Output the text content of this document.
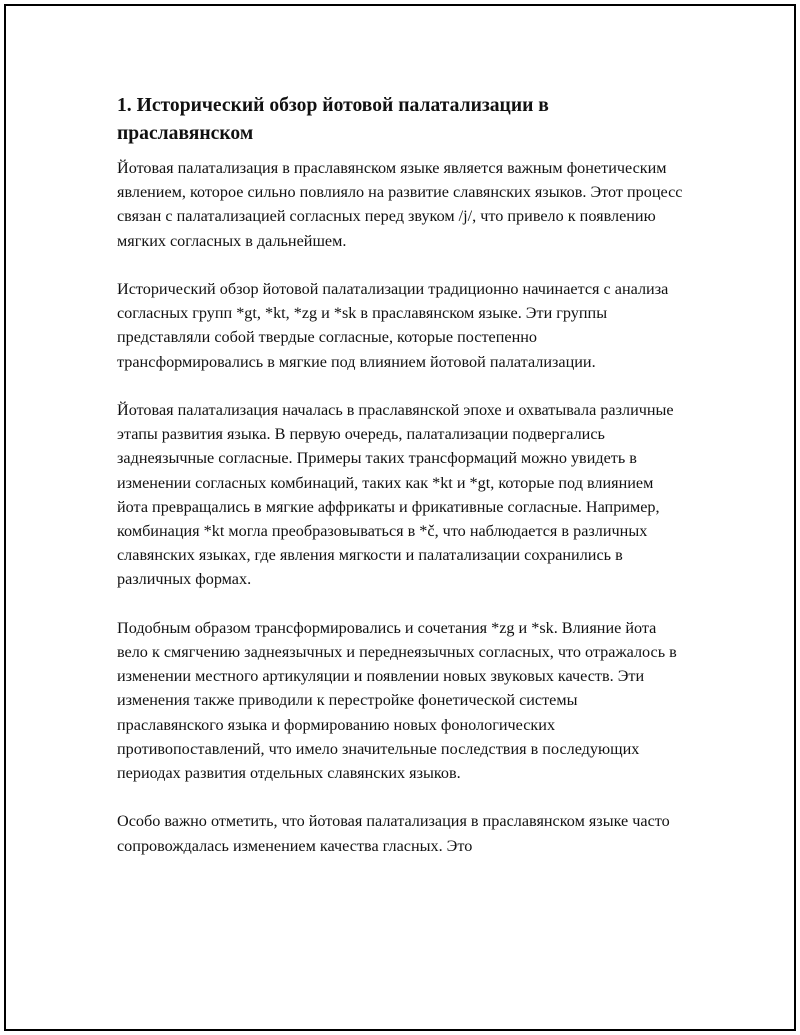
1. Исторический обзор йотовой палатализации в праславянском

Йотовая палатализация в праславянском языке является важным фонетическим явлением, которое сильно повлияло на развитие славянских языков. Этот процесс связан с палатализацией согласных перед звуком /j/, что привело к появлению мягких согласных в дальнейшем.

Исторический обзор йотовой палатализации традиционно начинается с анализа согласных групп *gt, *kt, *zg и *sk в праславянском языке. Эти группы представляли собой твердые согласные, которые постепенно трансформировались в мягкие под влиянием йотовой палатализации.

Йотовая палатализация началась в праславянской эпохе и охватывала различные этапы развития языка. В первую очередь, палатализации подвергались заднеязычные согласные. Примеры таких трансформаций можно увидеть в изменении согласных комбинаций, таких как *kt и *gt, которые под влиянием йота превращались в мягкие аффрикаты и фрикативные согласные. Например, комбинация *kt могла преобразовываться в *č, что наблюдается в различных славянских языках, где явления мягкости и палатализации сохранились в различных формах.

Подобным образом трансформировались и сочетания *zg и *sk. Влияние йота вело к смягчению заднеязычных и переднеязычных согласных, что отражалось в изменении местного артикуляции и появлении новых звуковых качеств. Эти изменения также приводили к перестройке фонетической системы праславянского языка и формированию новых фонологических противопоставлений, что имело значительные последствия в последующих периодах развития отдельных славянских языков.

Особо важно отметить, что йотовая палатализация в праславянском языке часто сопровождалась изменением качества гласных. Это
